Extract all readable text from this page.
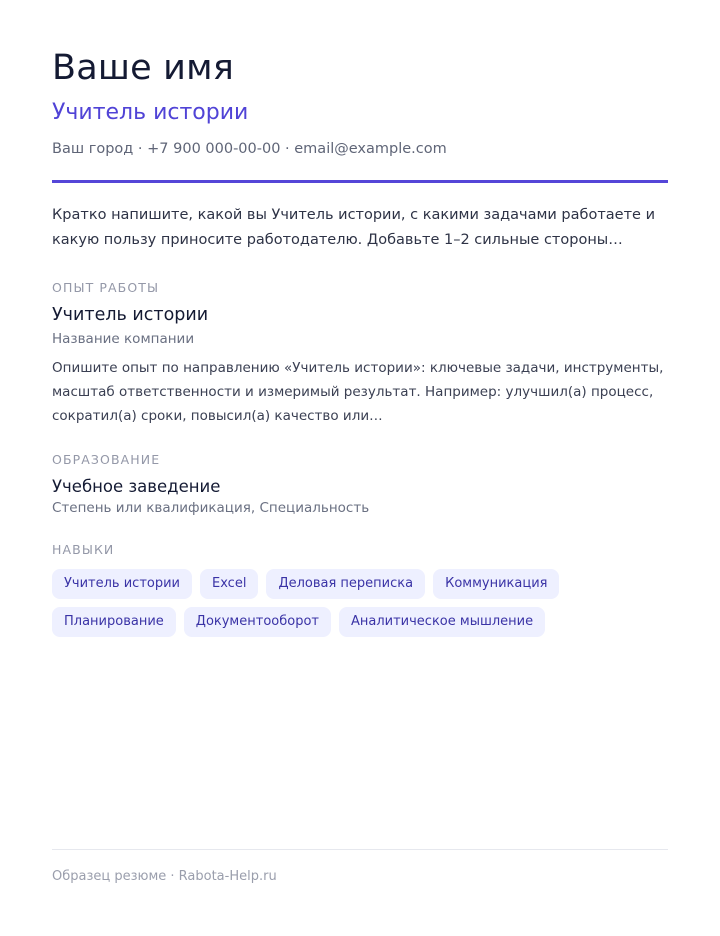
Ваше имя
Учитель истории
Ваш город · +7 900 000-00-00 · email@example.com
Кратко напишите, какой вы Учитель истории, с какими задачами работаете и какую пользу приносите работодателю. Добавьте 1–2 сильные стороны…
ОПЫТ РАБОТЫ
Учитель истории
Название компании
Опишите опыт по направлению «Учитель истории»: ключевые задачи, инструменты, масштаб ответственности и измеримый результат. Например: улучшил(а) процесс, сократил(а) сроки, повысил(а) качество или…
ОБРАЗОВАНИЕ
Учебное заведение
Степень или квалификация, Специальность
НАВЫКИ
Учитель истории	Excel	Деловая переписка	Коммуникация
Планирование	Документооборот	Аналитическое мышление
Образец резюме · Rabota-Help.ru
